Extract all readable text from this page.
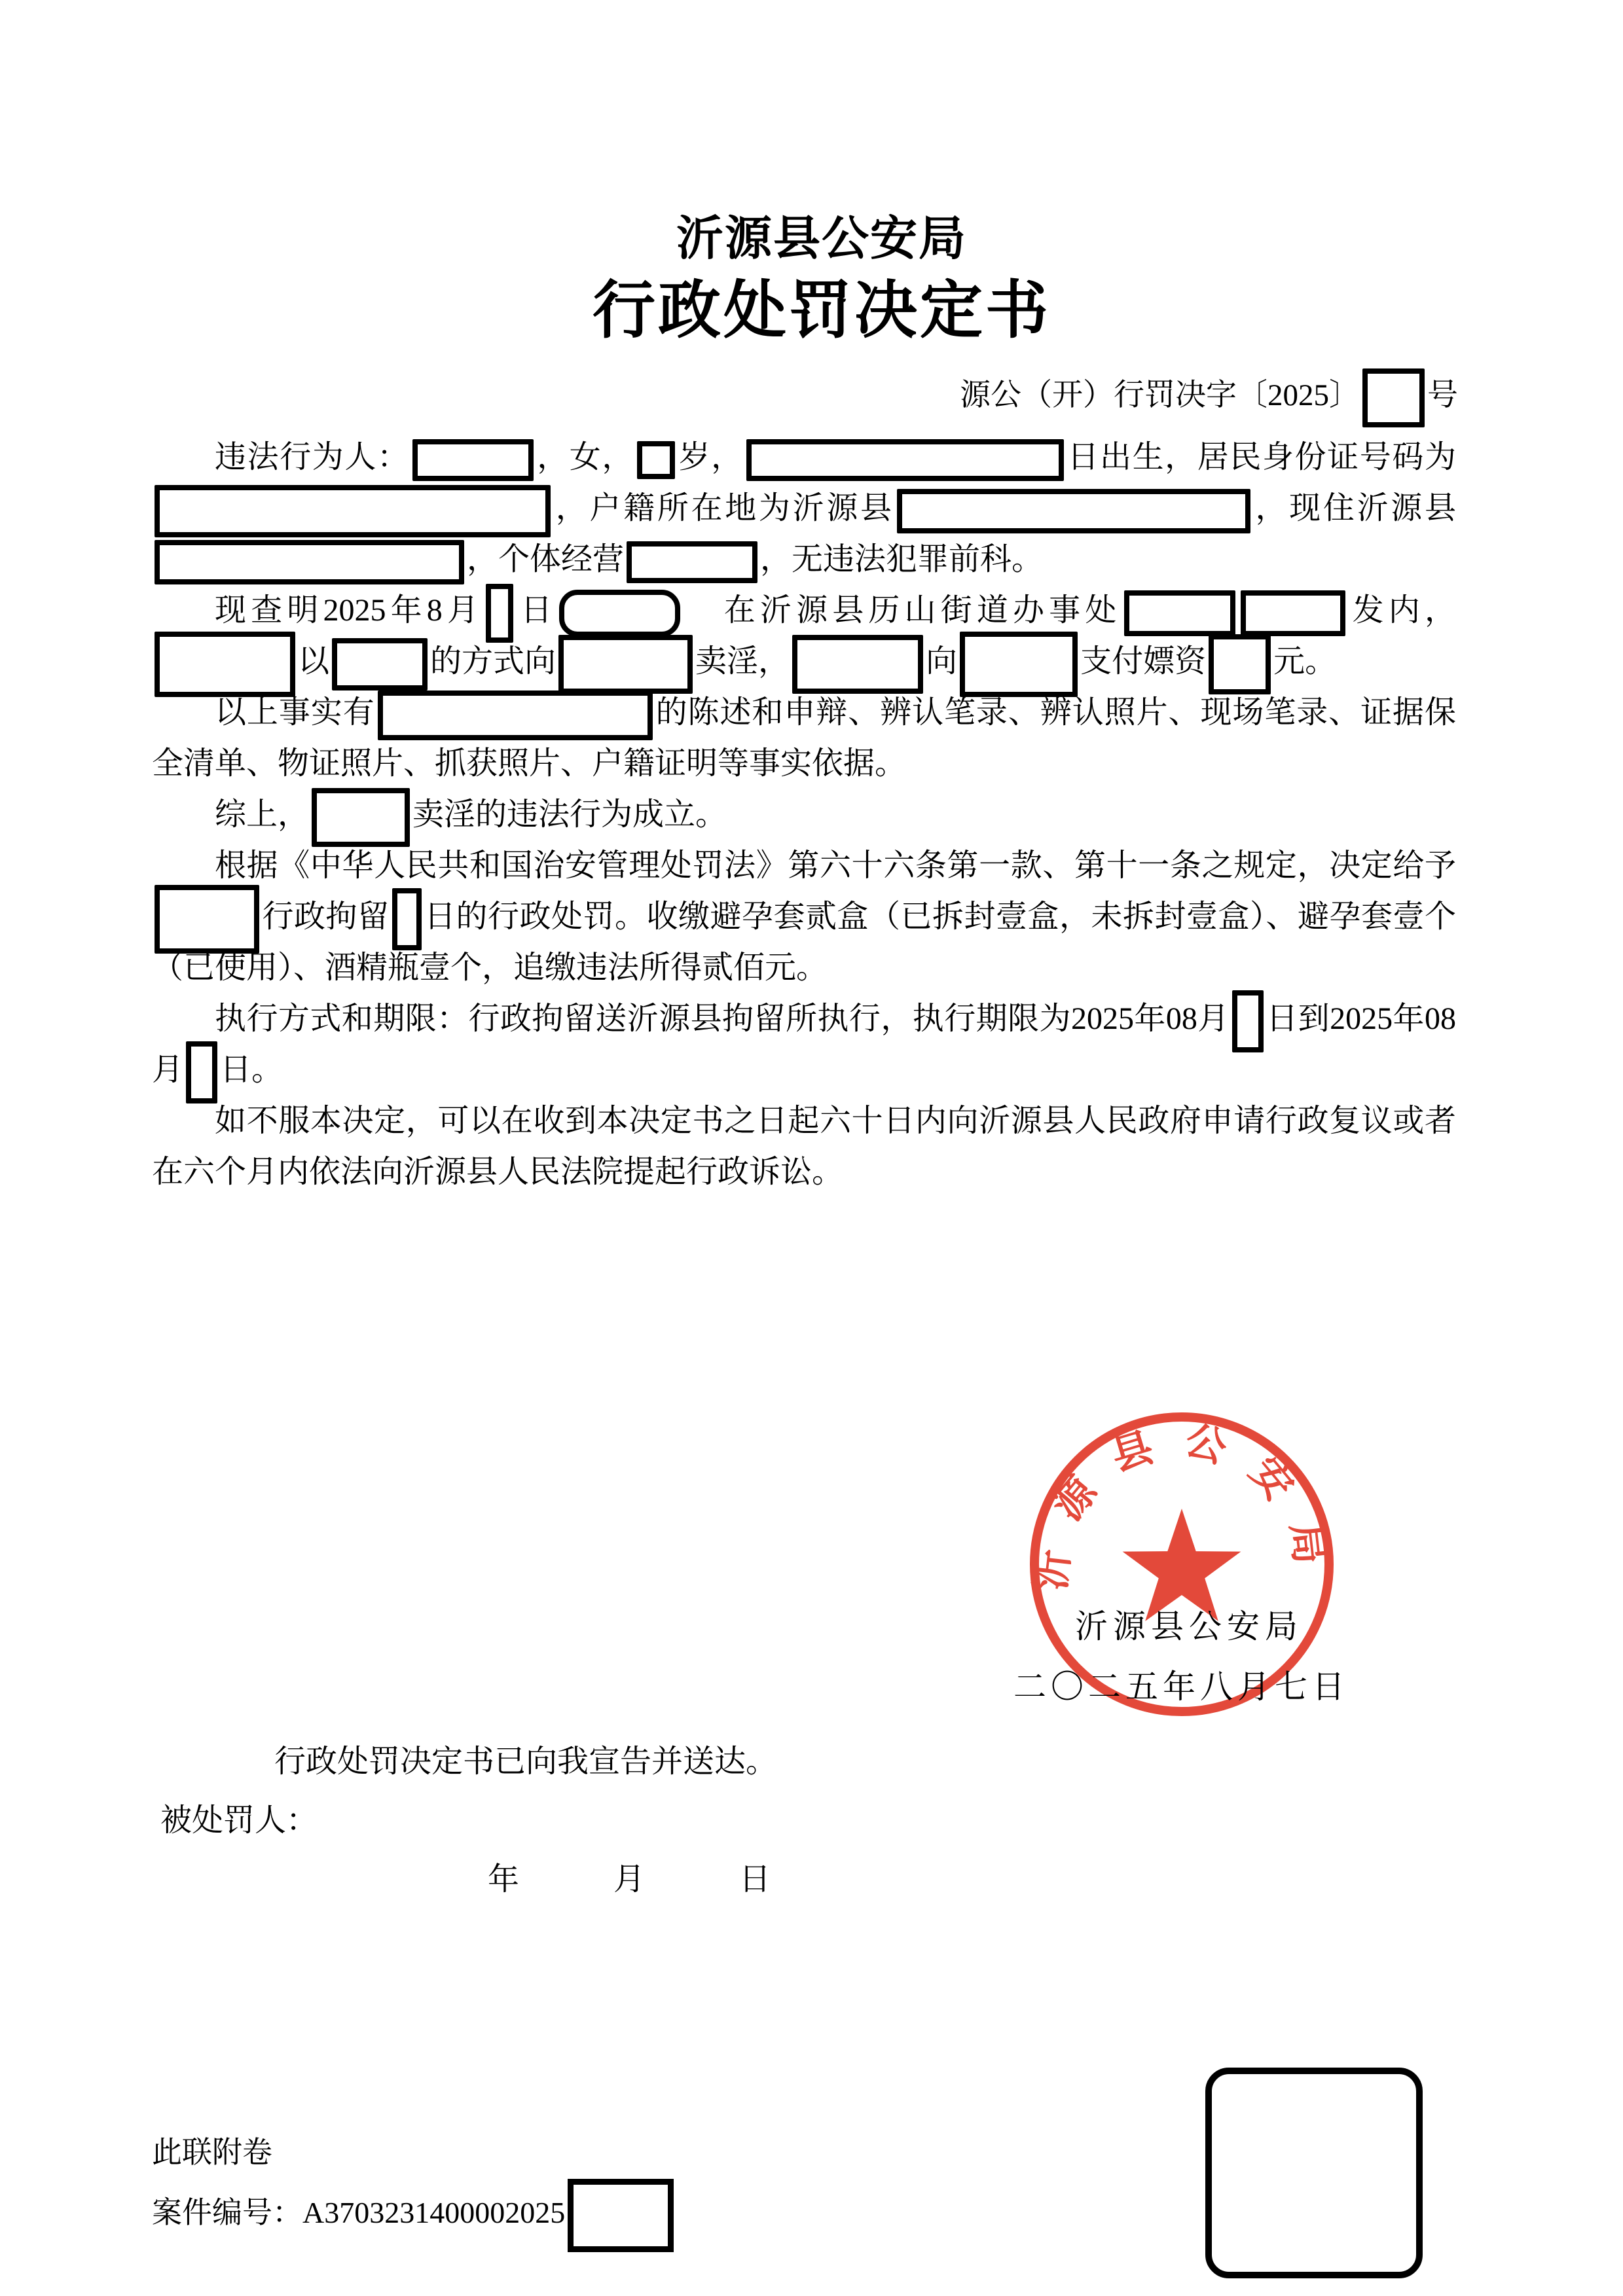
沂源县公安局
行政处罚决定书
源公（开）行罚决字〔2025〕 号

违法行为人：	，女， 岁，	日出生，居民身份证号码为，户籍所在地为沂源县	，现住沂源县，个体经营	，无违法犯罪前科。

现查明2025年8月 日	　在沂源县历山街道办事处	发内，以	的方式向	卖淫，	向	支付嫖资 元。

以上事实有	的陈述和申辩、辨认笔录、辨认照片、现场笔录、证据保全清单、物证照片、抓获照片、户籍证明等事实依据。

综上，	卖淫的违法行为成立。

根据《中华人民共和国治安管理处罚法》第六十六条第一款、第十一条之规定，决定给予行政拘留 日的行政处罚。收缴避孕套贰盒（已拆封壹盒，未拆封壹盒）、避孕套壹个（已使用）、酒精瓶壹个，追缴违法所得贰佰元。

执行方式和期限：行政拘留送沂源县拘留所执行，执行期限为2025年08月 日到2025年08月 日。

如不服本决定，可以在收到本决定书之日起六十日内向沂源县人民政府申请行政复议或者在六个月内依法向沂源县人民法院提起行政诉讼。

沂源县公安局
沂源县公安局
二〇二五年八月七日
行政处罚决定书已向我宣告并送达。
被处罚人：
年　　　月　　　日
此联附卷
案件编号：A3703231400002025
